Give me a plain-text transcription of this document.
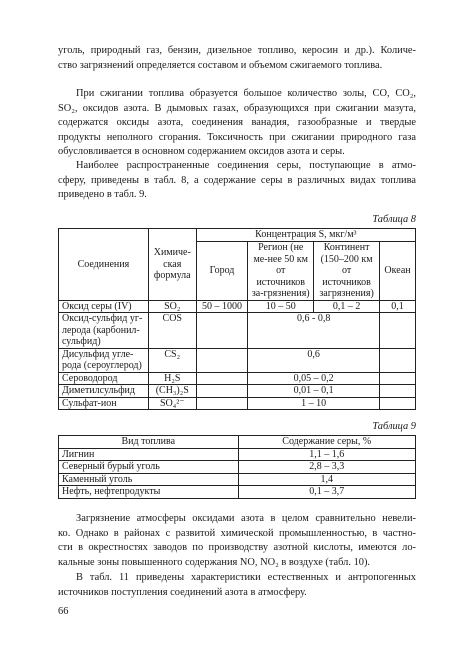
уголь, природный газ, бензин, дизельное топливо, керосин и др.). Количе-
ство загрязнений определяется составом и объемом сжигаемого топлива.
При сжигании топлива образуется большое количество золы, CO, CO₂,
SO₂, оксидов азота. В дымовых газах, образующихся при сжигании мазута,
содержатся оксиды азота, соединения ванадия, газообразные и твердые
продукты неполного сгорания. Токсичность при сжигании природного газа
обусловливается в основном содержанием оксидов азота и серы.
Наиболее распространенные соединения серы, поступающие в атмо-
сферу, приведены в табл. 8, а содержание серы в различных видах топлива
приведено в табл. 9.
Таблица 8
Соединения	Химиче-ская формула	Концентрация S, мкг/м³			
		Город	Регион (не ме-нее 50 км от источников за-грязнения)	Континент (150–200 км от источников загрязнения)	Океан
Оксид серы (IV)	SO₂	50 – 1000	10 – 50	0,1 – 2	0,1
Оксид-сульфид уг-лерода (карбонил-сульфид)	COS		0,6 - 0,8		
Дисульфид угле-рода (сероуглерод)	CS₂		0,6		
Сероводород	H₂S		0,05 – 0,2		
Диметилсульфид	(CH₃)₂S		0,01 – 0,1		
Сульфат-ион	SO₄²⁻		1 – 10		
Таблица 9
Вид топлива	Содержание серы, %
Лигнин	1,1 – 1,6
Северный бурый уголь	2,8 – 3,3
Каменный уголь	1,4
Нефть, нефтепродукты	0,1 – 3,7
Загрязнение атмосферы оксидами азота в целом сравнительно невели-
ко. Однако в районах с развитой химической промышленностью, в частно-
сти в окрестностях заводов по производству азотной кислоты, имеются ло-
кальные зоны повышенного содержания NO, NO₂ в воздухе (табл. 10).
В табл. 11 приведены характеристики естественных и антропогенных
источников поступления соединений азота в атмосферу.
66
